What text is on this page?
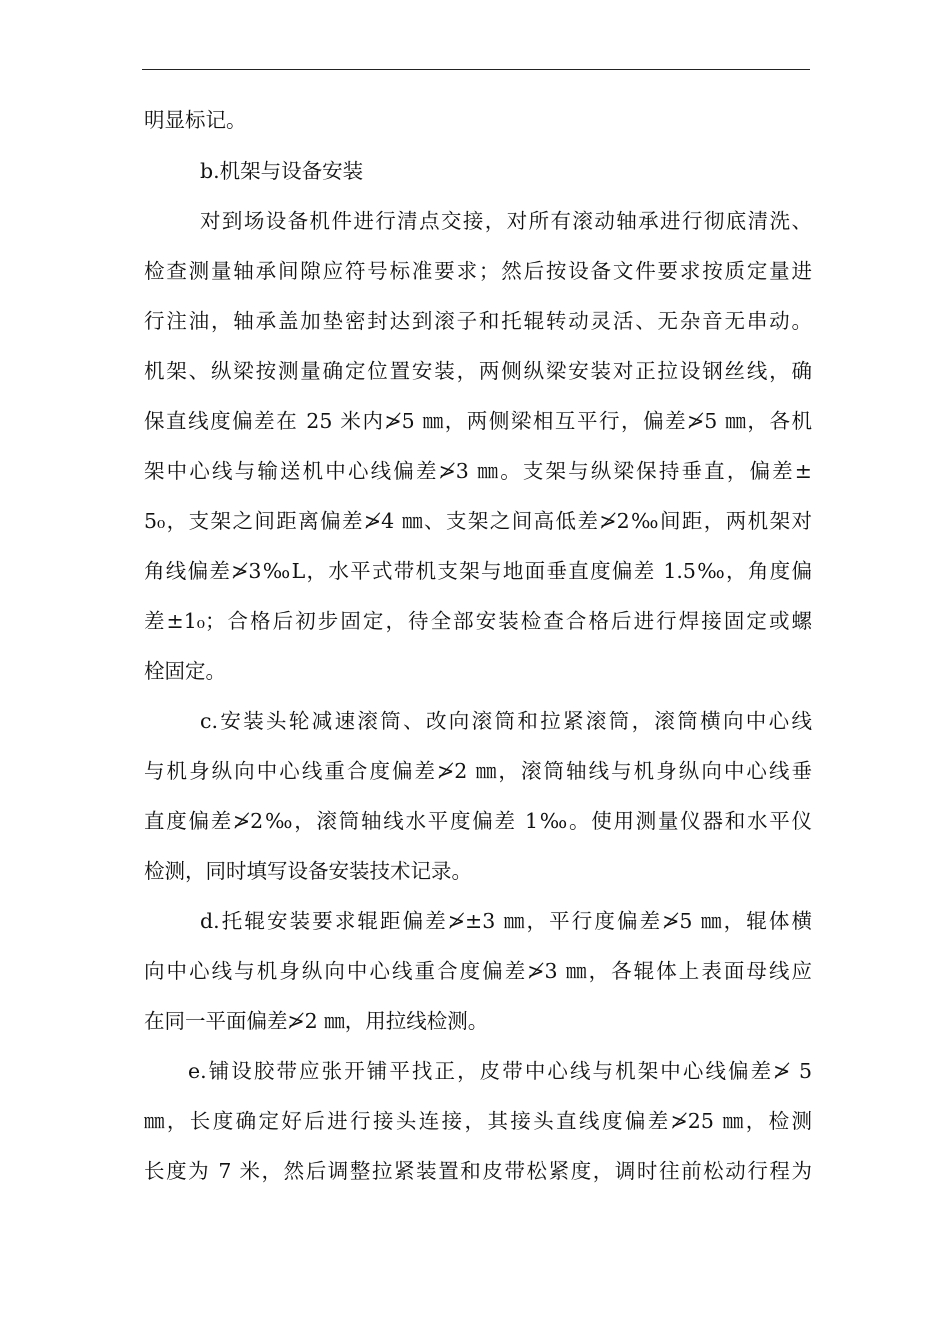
明显标记。
b.机架与设备安装
对到场设备机件进行清点交接，对所有滚动轴承进行彻底清洗、
检查测量轴承间隙应符号标准要求；然后按设备文件要求按质定量进
行注油，轴承盖加垫密封达到滚子和托辊转动灵活、无杂音无串动。
机架、纵梁按测量确定位置安装，两侧纵梁安装对正拉设钢丝线，确
保直线度偏差在 25 米内≯5 ㎜，两侧梁相互平行，偏差≯5 ㎜，各机
架中心线与输送机中心线偏差≯3 ㎜。支架与纵梁保持垂直，偏差±
5₀，支架之间距离偏差≯4 ㎜、支架之间高低差≯2‰间距，两机架对
角线偏差≯3‰L，水平式带机支架与地面垂直度偏差 1.5‰，角度偏
差±1₀；合格后初步固定，待全部安装检查合格后进行焊接固定或螺
栓固定。
c.安装头轮减速滚筒、改向滚筒和拉紧滚筒，滚筒横向中心线
与机身纵向中心线重合度偏差≯2 ㎜，滚筒轴线与机身纵向中心线垂
直度偏差≯2‰，滚筒轴线水平度偏差 1‰。使用测量仪器和水平仪
检测，同时填写设备安装技术记录。
d.托辊安装要求辊距偏差≯±3 ㎜，平行度偏差≯5 ㎜，辊体横
向中心线与机身纵向中心线重合度偏差≯3 ㎜，各辊体上表面母线应
在同一平面偏差≯2 ㎜，用拉线检测。
e.铺设胶带应张开铺平找正，皮带中心线与机架中心线偏差≯ 5
㎜，长度确定好后进行接头连接，其接头直线度偏差≯25 ㎜，检测
长度为 7 米，然后调整拉紧装置和皮带松紧度，调时往前松动行程为
